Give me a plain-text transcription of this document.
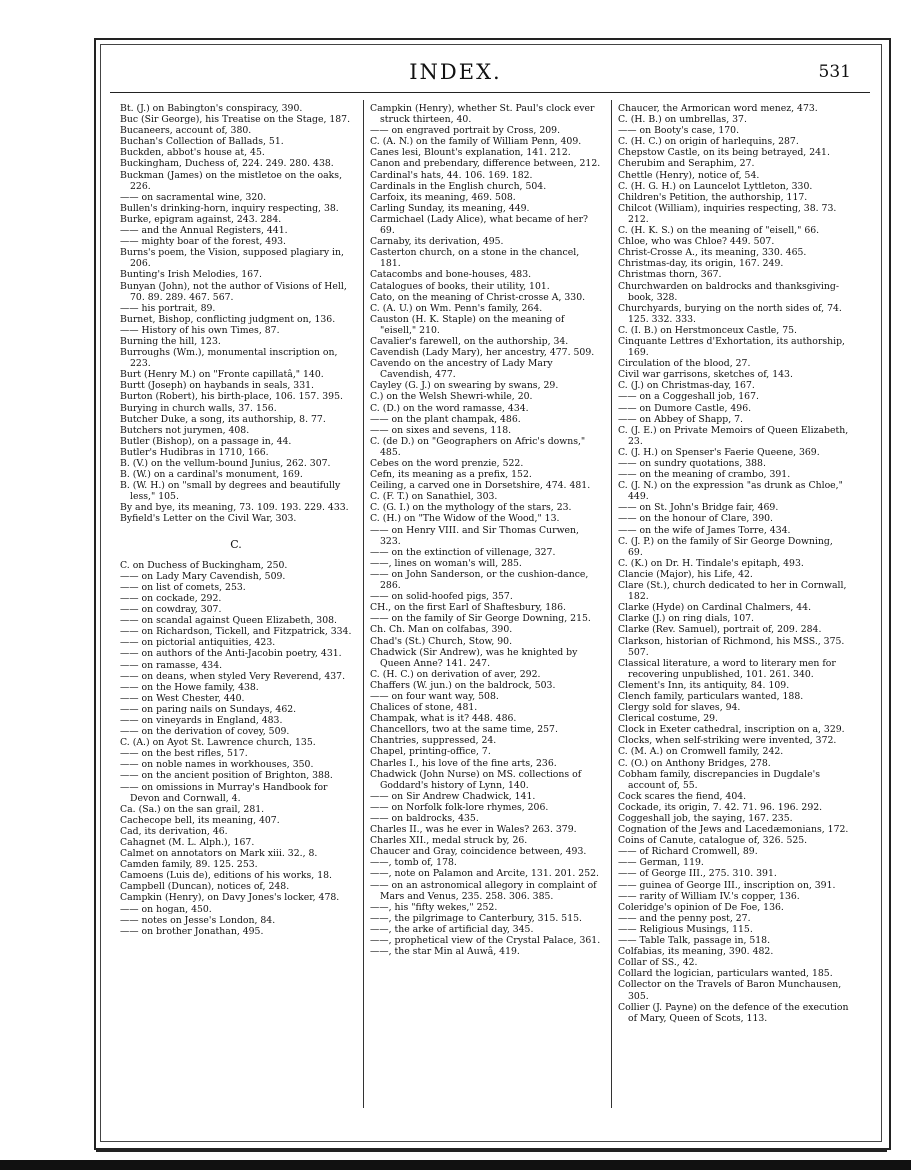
INDEX.	531

Bt. (J.) on Babington's conspiracy, 390.

Buc (Sir George), his Treatise on the Stage, 187.

Bucaneers, account of, 380.

Buchan's Collection of Ballads, 51.

Buckden, abbot's house at, 45.

Buckingham, Duchess of, 224. 249. 280. 438.

Buckman (James) on the mistletoe on the oaks, 226.

—— on sacramental wine, 320.

Bullen's drinking-horn, inquiry respecting, 38.

Burke, epigram against, 243. 284.

—— and the Annual Registers, 441.

—— mighty boar of the forest, 493.

Burns's poem, the Vision, supposed plagiary in, 206.

Bunting's Irish Melodies, 167.

Bunyan (John), not the author of Visions of Hell, 70. 89. 289. 467. 567.

—— his portrait, 89.

Burnet, Bishop, conflicting judgment on, 136.

—— History of his own Times, 87.

Burning the hill, 123.

Burroughs (Wm.), monumental inscription on, 223.

Burt (Henry M.) on "Fronte capillatâ," 140.

Burtt (Joseph) on haybands in seals, 331.

Burton (Robert), his birth-place, 106. 157. 395.

Burying in church walls, 37. 156.

Butcher Duke, a song, its authorship, 8. 77.

Butchers not jurymen, 408.

Butler (Bishop), on a passage in, 44.

Butler's Hudibras in 1710, 166.

B. (V.) on the vellum-bound Junius, 262. 307.

B. (W.) on a cardinal's monument, 169.

B. (W. H.) on "small by degrees and beautifully less," 105.

By and bye, its meaning, 73. 109. 193. 229. 433.

Byfield's Letter on the Civil War, 303.

C.

C. on Duchess of Buckingham, 250.

—— on Lady Mary Cavendish, 509.

—— on list of comets, 253.

—— on cockade, 292.

—— on cowdray, 307.

—— on scandal against Queen Elizabeth, 308.

—— on Richardson, Tickell, and Fitzpatrick, 334.

—— on pictorial antiquities, 423.

—— on authors of the Anti-Jacobin poetry, 431.

—— on ramasse, 434.

—— on deans, when styled Very Reverend, 437.

—— on the Howe family, 438.

—— on West Chester, 440.

—— on paring nails on Sundays, 462.

—— on vineyards in England, 483.

—— on the derivation of covey, 509.

C. (A.) on Ayot St. Lawrence church, 135.

—— on the best rifles, 517.

—— on noble names in workhouses, 350.

—— on the ancient position of Brighton, 388.

—— on omissions in Murray's Handbook for Devon and Cornwall, 4.

Ca. (Sa.) on the san grail, 281.

Cachecope bell, its meaning, 407.

Cad, its derivation, 46.

Cahagnet (M. L. Alph.), 167.

Calmet on annotators on Mark xiii. 32., 8.

Camden family, 89. 125. 253.

Camoens (Luis de), editions of his works, 18.

Campbell (Duncan), notices of, 248.

Campkin (Henry), on Davy Jones's locker, 478.

—— on hogan, 450.

—— notes on Jesse's London, 84.

—— on brother Jonathan, 495.

Campkin (Henry), whether St. Paul's clock ever struck thirteen, 40.

—— on engraved portrait by Cross, 209.

C. (A. N.) on the family of William Penn, 409.

Canes lesi, Blount's explanation, 141. 212.

Canon and prebendary, difference between, 212.

Cardinal's hats, 44. 106. 169. 182.

Cardinals in the English church, 504.

Carfoix, its meaning, 469. 508.

Carling Sunday, its meaning, 449.

Carmichael (Lady Alice), what became of her? 69.

Carnaby, its derivation, 495.

Casterton church, on a stone in the chancel, 181.

Catacombs and bone-houses, 483.

Catalogues of books, their utility, 101.

Cato, on the meaning of Christ-crosse A, 330.

C. (A. U.) on Wm. Penn's family, 264.

Causton (H. K. Staple) on the meaning of "eisell," 210.

Cavalier's farewell, on the authorship, 34.

Cavendish (Lady Mary), her ancestry, 477. 509.

Cavendo on the ancestry of Lady Mary Cavendish, 477.

Cayley (G. J.) on swearing by swans, 29.

C.) on the Welsh Shewri-while, 20.

C. (D.) on the word ramasse, 434.

—— on the plant champak, 486.

—— on sixes and sevens, 118.

C. (de D.) on "Geographers on Afric's downs," 485.

Cebes on the word prenzie, 522.

Cefn, its meaning as a prefix, 152.

Ceiling, a carved one in Dorsetshire, 474. 481.

C. (F. T.) on Sanathiel, 303.

C. (G. I.) on the mythology of the stars, 23.

C. (H.) on "The Widow of the Wood," 13.

—— on Henry VIII. and Sir Thomas Curwen, 323.

—— on the extinction of villenage, 327.

——, lines on woman's will, 285.

—— on John Sanderson, or the cushion-dance, 286.

—— on solid-hoofed pigs, 357.

CH., on the first Earl of Shaftesbury, 186.

—— on the family of Sir George Downing, 215.

Ch. Ch. Man on colfabas, 390.

Chad's (St.) Church, Stow, 90.

Chadwick (Sir Andrew), was he knighted by Queen Anne? 141. 247.

C. (H. C.) on derivation of aver, 292.

Chaffers (W. jun.) on the baldrock, 503.

—— on four want way, 508.

Chalices of stone, 481.

Champak, what is it? 448. 486.

Chancellors, two at the same time, 257.

Chantries, suppressed, 24.

Chapel, printing-office, 7.

Charles I., his love of the fine arts, 236.

Chadwick (John Nurse) on MS. collections of Goddard's history of Lynn, 140.

—— on Sir Andrew Chadwick, 141.

—— on Norfolk folk-lore rhymes, 206.

—— on baldrocks, 435.

Charles II., was he ever in Wales? 263. 379.

Charles XII., medal struck by, 26.

Chaucer and Gray, coincidence between, 493.

——, tomb of, 178.

——, note on Palamon and Arcite, 131. 201. 252.

—— on an astronomical allegory in complaint of Mars and Venus, 235. 258. 306. 385.

——, his "fifty wekes," 252.

——, the pilgrimage to Canterbury, 315. 515.

——, the arke of artificial day, 345.

——, prophetical view of the Crystal Palace, 361.

——, the star Min al Auwâ, 419.

Chaucer, the Armorican word menez, 473.

C. (H. B.) on umbrellas, 37.

—— on Booty's case, 170.

C. (H. C.) on origin of harlequins, 287.

Chepstow Castle, on its being betrayed, 241.

Cherubim and Seraphim, 27.

Chettle (Henry), notice of, 54.

C. (H. G. H.) on Launcelot Lyttleton, 330.

Children's Petition, the authorship, 117.

Chilcot (William), inquiries respecting, 38. 73. 212.

C. (H. K. S.) on the meaning of "eisell," 66.

Chloe, who was Chloe? 449. 507.

Christ-Crosse A., its meaning, 330. 465.

Christmas-day, its origin, 167. 249.

Christmas thorn, 367.

Churchwarden on baldrocks and thanksgiving-book, 328.

Churchyards, burying on the north sides of, 74. 125. 332. 333.

C. (I. B.) on Herstmonceux Castle, 75.

Cinquante Lettres d'Exhortation, its authorship, 169.

Circulation of the blood, 27.

Civil war garrisons, sketches of, 143.

C. (J.) on Christmas-day, 167.

—— on a Coggeshall job, 167.

—— on Dumore Castle, 496.

—— on Abbey of Shapp, 7.

C. (J. E.) on Private Memoirs of Queen Elizabeth, 23.

C. (J. H.) on Spenser's Faerie Queene, 369.

—— on sundry quotations, 388.

—— on the meaning of crambo, 391.

C. (J. N.) on the expression "as drunk as Chloe," 449.

—— on St. John's Bridge fair, 469.

—— on the honour of Clare, 390.

—— on the wife of James Torre, 434.

C. (J. P.) on the family of Sir George Downing, 69.

C. (K.) on Dr. H. Tindale's epitaph, 493.

Clancie (Major), his Life, 42.

Clare (St.), church dedicated to her in Cornwall, 182.

Clarke (Hyde) on Cardinal Chalmers, 44.

Clarke (J.) on ring dials, 107.

Clarke (Rev. Samuel), portrait of, 209. 284.

Clarkson, historian of Richmond, his MSS., 375. 507.

Classical literature, a word to literary men for recovering unpublished, 101. 261. 340.

Clement's Inn, its antiquity, 84. 109.

Clench family, particulars wanted, 188.

Clergy sold for slaves, 94.

Clerical costume, 29.

Clock in Exeter cathedral, inscription on a, 329.

Clocks, when self-striking were invented, 372.

C. (M. A.) on Cromwell family, 242.

C. (O.) on Anthony Bridges, 278.

Cobham family, discrepancies in Dugdale's account of, 55.

Cock scares the fiend, 404.

Cockade, its origin, 7. 42. 71. 96. 196. 292.

Coggeshall job, the saying, 167. 235.

Cognation of the Jews and Lacedæmonians, 172.

Coins of Canute, catalogue of, 326. 525.

—— of Richard Cromwell, 89.

—— German, 119.

—— of George III., 275. 310. 391.

—— guinea of George III., inscription on, 391.

—— rarity of William IV.'s copper, 136.

Coleridge's opinion of De Foe, 136.

—— and the penny post, 27.

—— Religious Musings, 115.

—— Table Talk, passage in, 518.

Colfabias, its meaning, 390. 482.

Collar of SS., 42.

Collard the logician, particulars wanted, 185.

Collector on the Travels of Baron Munchausen, 305.

Collier (J. Payne) on the defence of the execution of Mary, Queen of Scots, 113.
